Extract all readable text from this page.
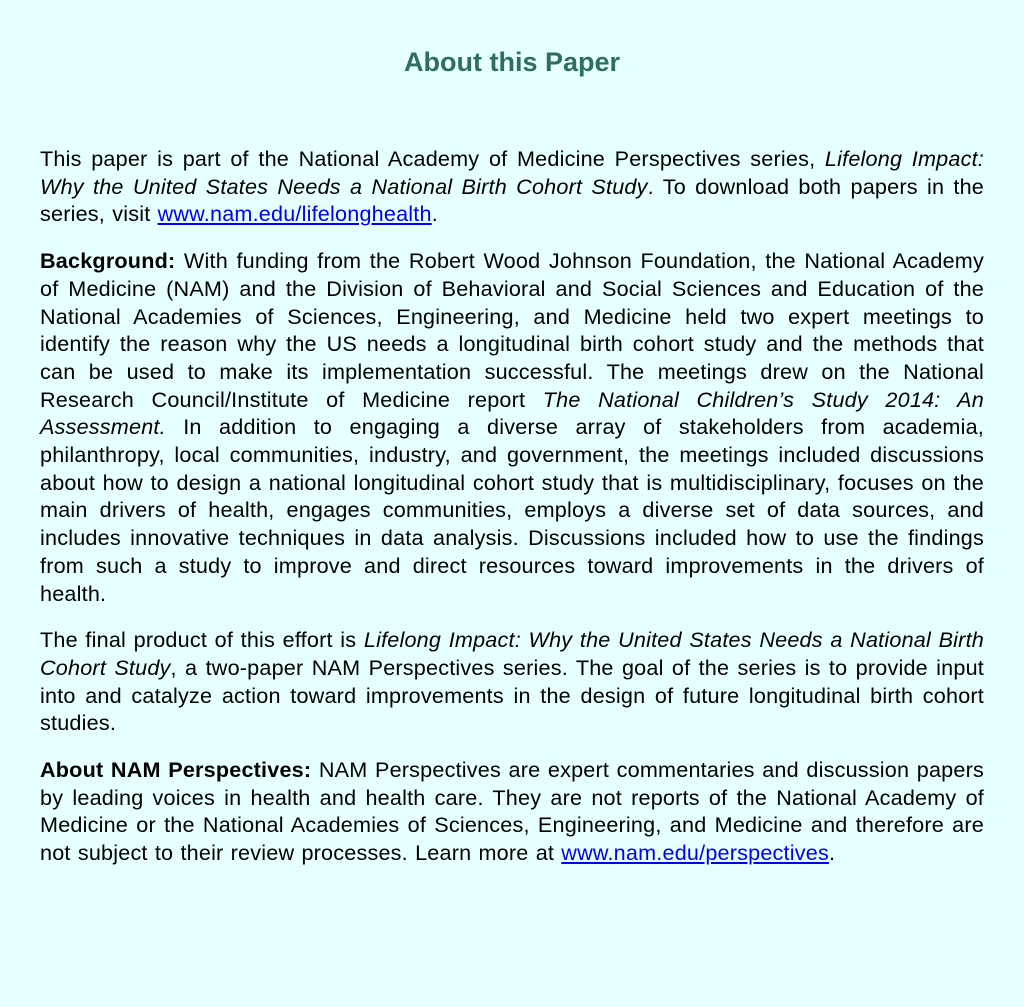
About this Paper

This paper is part of the National Academy of Medicine Perspectives series, Lifelong Impact: Why the United States Needs a National Birth Cohort Study. To download both papers in the series, visit www.nam.edu/lifelonghealth.

Background: With funding from the Robert Wood Johnson Foundation, the National Academy of Medicine (NAM) and the Division of Behavioral and Social Sciences and Education of the National Academies of Sciences, Engineering, and Medicine held two expert meetings to identify the reason why the US needs a longitudinal birth cohort study and the methods that can be used to make its implementation successful. The meetings drew on the National Research Council/Institute of Medicine report The National Children’s Study 2014: An Assessment. In addition to engaging a diverse array of stakeholders from academia, philanthropy, local communities, industry, and government, the meetings included discussions about how to design a national longitudinal cohort study that is multidisciplinary, focuses on the main drivers of health, engages communities, employs a diverse set of data sources, and includes innovative techniques in data analysis. Discussions included how to use the findings from such a study to improve and direct resources toward improvements in the drivers of health.

The final product of this effort is Lifelong Impact: Why the United States Needs a National Birth Cohort Study, a two-paper NAM Perspectives series. The goal of the series is to provide input into and catalyze action toward improvements in the design of future longitudinal birth cohort studies.

About NAM Perspectives: NAM Perspectives are expert commentaries and discussion papers by leading voices in health and health care. They are not reports of the National Academy of Medicine or the National Academies of Sciences, Engineering, and Medicine and therefore are not subject to their review processes. Learn more at www.nam.edu/perspectives.
